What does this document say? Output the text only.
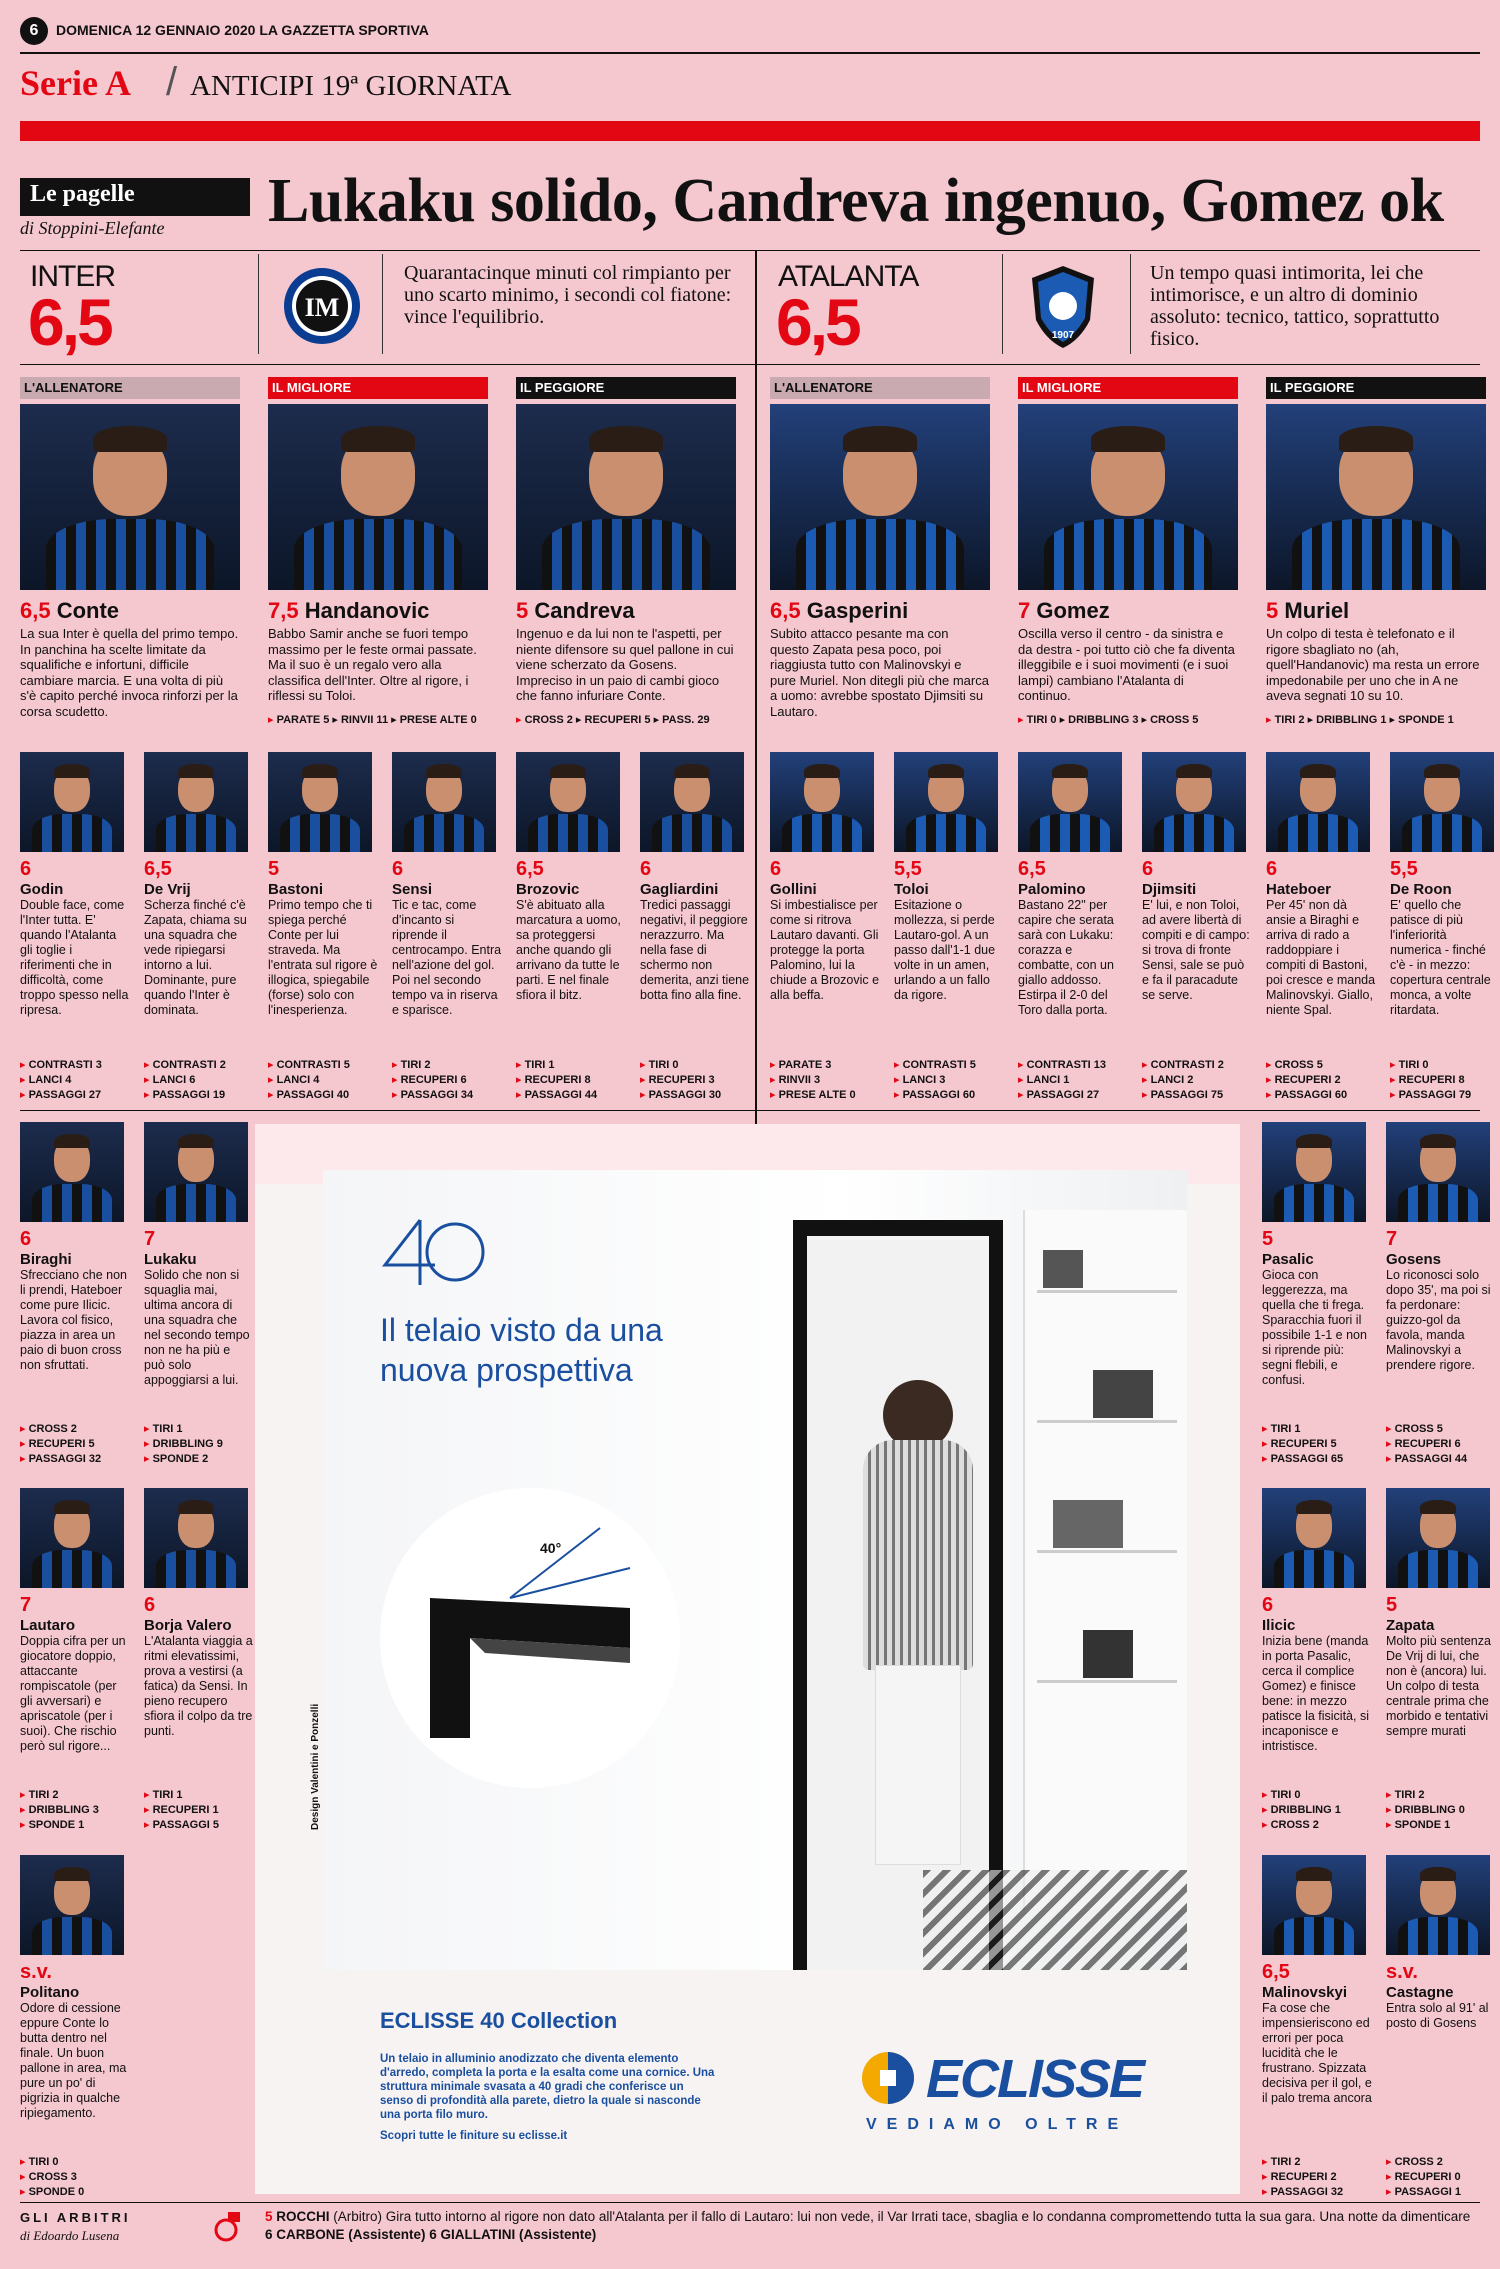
6	DOMENICA 12 GENNAIO 2020 LA GAZZETTA SPORTIVA
Serie A / ANTICIPI 19ª GIORNATA
Le pagelle
di Stoppini-Elefante Lukaku solido, Candreva ingenuo, Gomez ok
INTER
6,5	IM
Quarantacinque minuti col rimpianto per uno scarto minimo, i secondi col fiatone: vince l'equilibrio.
ATALANTA
6,5	1907
Un tempo quasi intimorita, lei che intimorisce, e un altro di dominio assoluto: tecnico, tattico, soprattutto fisico.
L'ALLENATORE
6,5 Conte
La sua Inter è quella del primo tempo. In panchina ha scelte limitate da squalifiche e infortuni, difficile cambiare marcia. E una volta di più s'è capito perché invoca rinforzi per la corsa scudetto.
IL MIGLIORE
7,5 Handanovic
Babbo Samir anche se fuori tempo massimo per le feste ormai passate. Ma il suo è un regalo vero alla classifica dell'Inter. Oltre al rigore, i riflessi su Toloi.
▸ PARATE 5 ▸ RINVII 11 ▸ PRESE ALTE 0
IL PEGGIORE
5 Candreva
Ingenuo e da lui non te l'aspetti, per niente difensore su quel pallone in cui viene scherzato da Gosens. Impreciso in un paio di cambi gioco che fanno infuriare Conte.
▸ CROSS 2 ▸ RECUPERI 5 ▸ PASS. 29
L'ALLENATORE
6,5 Gasperini
Subito attacco pesante ma con questo Zapata pesa poco, poi riaggiusta tutto con Malinovskyi e pure Muriel. Non ditegli più che marca a uomo: avrebbe spostato Djimsiti su Lautaro.
IL MIGLIORE
7 Gomez
Oscilla verso il centro - da sinistra e da destra - poi tutto ciò che fa diventa illeggibile e i suoi movimenti (e i suoi lampi) cambiano l'Atalanta di continuo.
▸ TIRI 0 ▸ DRIBBLING 3 ▸ CROSS 5
IL PEGGIORE
5 Muriel
Un colpo di testa è telefonato e il rigore sbagliato no (ah, quell'Handanovic) ma resta un errore impedonabile per uno che in A ne aveva segnati 10 su 10.
▸ TIRI 2 ▸ DRIBBLING 1 ▸ SPONDE 1
6
Godin
Double face, come l'Inter tutta. E' quando l'Atalanta gli toglie i riferimenti che in difficoltà, come troppo spesso nella ripresa.
▸ CONTRASTI 3
▸ LANCI 4
▸ PASSAGGI 27
6,5
De Vrij
Scherza finché c'è Zapata, chiama su una squadra che vede ripiegarsi intorno a lui. Dominante, pure quando l'Inter è dominata.
▸ CONTRASTI 2
▸ LANCI 6
▸ PASSAGGI 19
5
Bastoni
Primo tempo che ti spiega perché Conte per lui straveda. Ma l'entrata sul rigore è illogica, spiegabile (forse) solo con l'inesperienza.
▸ CONTRASTI 5
▸ LANCI 4
▸ PASSAGGI 40
6
Sensi
Tic e tac, come d'incanto si riprende il centrocampo. Entra nell'azione del gol. Poi nel secondo tempo va in riserva e sparisce.
▸ TIRI 2
▸ RECUPERI 6
▸ PASSAGGI 34
6,5
Brozovic
S'è abituato alla marcatura a uomo, sa proteggersi anche quando gli arrivano da tutte le parti. E nel finale sfiora il bitz.
▸ TIRI 1
▸ RECUPERI 8
▸ PASSAGGI 44
6
Gagliardini
Tredici passaggi negativi, il peggiore nerazzurro. Ma nella fase di schermo non demerita, anzi tiene botta fino alla fine.
▸ TIRI 0
▸ RECUPERI 3
▸ PASSAGGI 30
6
Gollini
Si imbestialisce per come si ritrova Lautaro davanti. Gli protegge la porta Palomino, lui la chiude a Brozovic e alla beffa.
▸ PARATE 3
▸ RINVII 3
▸ PRESE ALTE 0
5,5
Toloi
Esitazione o mollezza, si perde Lautaro-gol. A un passo dall'1-1 due volte in un amen, urlando a un fallo da rigore.
▸ CONTRASTI 5
▸ LANCI 3
▸ PASSAGGI 60
6,5
Palomino
Bastano 22" per capire che serata sarà con Lukaku: corazza e combatte, con un giallo addosso. Estirpa il 2-0 del Toro dalla porta.
▸ CONTRASTI 13
▸ LANCI 1
▸ PASSAGGI 27
6
Djimsiti
E' lui, e non Toloi, ad avere libertà di compiti e di campo: si trova di fronte Sensi, sale se può e fa il paracadute se serve.
▸ CONTRASTI 2
▸ LANCI 2
▸ PASSAGGI 75
6
Hateboer
Per 45' non dà ansie a Biraghi e arriva di rado a raddoppiare i compiti di Bastoni, poi cresce e manda Malinovskyi. Giallo, niente Spal.
▸ CROSS 5
▸ RECUPERI 2
▸ PASSAGGI 60
5,5
De Roon
E' quello che patisce di più l'inferiorità numerica - finché c'è - in mezzo: copertura centrale monca, a volte ritardata.
▸ TIRI 0
▸ RECUPERI 8
▸ PASSAGGI 79
6
Biraghi
Sfrecciano che non li prendi, Hateboer come pure Ilicic. Lavora col fisico, piazza in area un paio di buon cross non sfruttati.
▸ CROSS 2
▸ RECUPERI 5
▸ PASSAGGI 32
7
Lukaku
Solido che non si squaglia mai, ultima ancora di una squadra che nel secondo tempo non ne ha più e può solo appoggiarsi a lui.
▸ TIRI 1
▸ DRIBBLING 9
▸ SPONDE 2
7
Lautaro
Doppia cifra per un giocatore doppio, attaccante rompiscatole (per gli avversari) e apriscatole (per i suoi). Che rischio però sul rigore...
▸ TIRI 2
▸ DRIBBLING 3
▸ SPONDE 1
6
Borja Valero
L'Atalanta viaggia a ritmi elevatissimi, prova a vestirsi (a fatica) da Sensi. In pieno recupero sfiora il colpo da tre punti.
▸ TIRI 1
▸ RECUPERI 1
▸ PASSAGGI 5
s.v.
Politano
Odore di cessione eppure Conte lo butta dentro nel finale. Un buon pallone in area, ma pure un po' di pigrizia in qualche ripiegamento.
▸ TIRI 0
▸ CROSS 3
▸ SPONDE 0
5
Pasalic
Gioca con leggerezza, ma quella che ti frega. Sparacchia fuori il possibile 1-1 e non si riprende più: segni flebili, e confusi.
▸ TIRI 1
▸ RECUPERI 5
▸ PASSAGGI 65
7
Gosens
Lo riconosci solo dopo 35', ma poi si fa perdonare: guizzo-gol da favola, manda Malinovskyi a prendere rigore.
▸ CROSS 5
▸ RECUPERI 6
▸ PASSAGGI 44
6
Ilicic
Inizia bene (manda in porta Pasalic, cerca il complice Gomez) e finisce bene: in mezzo patisce la fisicità, si incaponisce e intristisce.
▸ TIRI 0
▸ DRIBBLING 1
▸ CROSS 2
5
Zapata
Molto più sentenza De Vrij di lui, che non è (ancora) lui. Un colpo di testa centrale prima che morbido e tentativi sempre murati
▸ TIRI 2
▸ DRIBBLING 0
▸ SPONDE 1
6,5
Malinovskyi
Fa cose che impensieriscono ed errori per poca lucidità che le frustrano. Spizzata decisiva per il gol, e il palo trema ancora
▸ TIRI 2
▸ RECUPERI 2
▸ PASSAGGI 32
s.v.
Castagne
Entra solo al 91' al posto di Gosens
▸ CROSS 2
▸ RECUPERI 0
▸ PASSAGGI 1
Il telaio visto da una nuova prospettiva
40°
Design Valentini e Ponzelli
ECLISSE 40 Collection
Un telaio in alluminio anodizzato che diventa elemento d'arredo, completa la porta e la esalta come una cornice. Una struttura minimale svasata a 40 gradi che conferisce un senso di profondità alla parete, dietro la quale si nasconde una porta filo muro.
Scopri tutte le finiture su eclisse.it
ECLISSE
VEDIAMO OLTRE
GLI ARBITRI
di Edoardo Lusena
5 ROCCHI (Arbitro) Gira tutto intorno al rigore non dato all'Atalanta per il fallo di Lautaro: lui non vede, il Var Irrati tace, sbaglia e lo condanna compromettendo tutta la sua gara. Una notte da dimenticare
6 CARBONE (Assistente) 6 GIALLATINI (Assistente)
